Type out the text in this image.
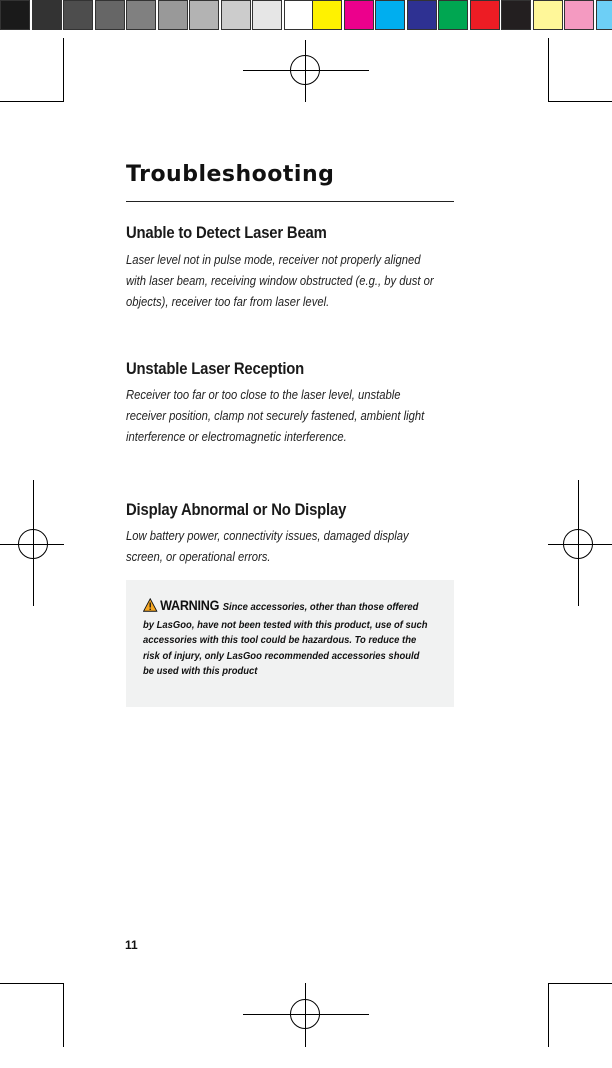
Troubleshooting
Unable to Detect Laser Beam

Laser level not in pulse mode, receiver not properly aligned
with laser beam, receiving window obstructed (e.g., by dust or
objects), receiver too far from laser level.

Unstable Laser Reception

Receiver too far or too close to the laser level, unstable
receiver position, clamp not securely fastened, ambient light
interference or electromagnetic interference.

Display Abnormal or No Display

Low battery power, connectivity issues, damaged display
screen, or operational errors.

WARNING Since accessories, other than those offered
by LasGoo, have not been tested with this product, use of such
accessories with this tool could be hazardous. To reduce the
risk of injury, only LasGoo recommended accessories should
be used with this product

11
